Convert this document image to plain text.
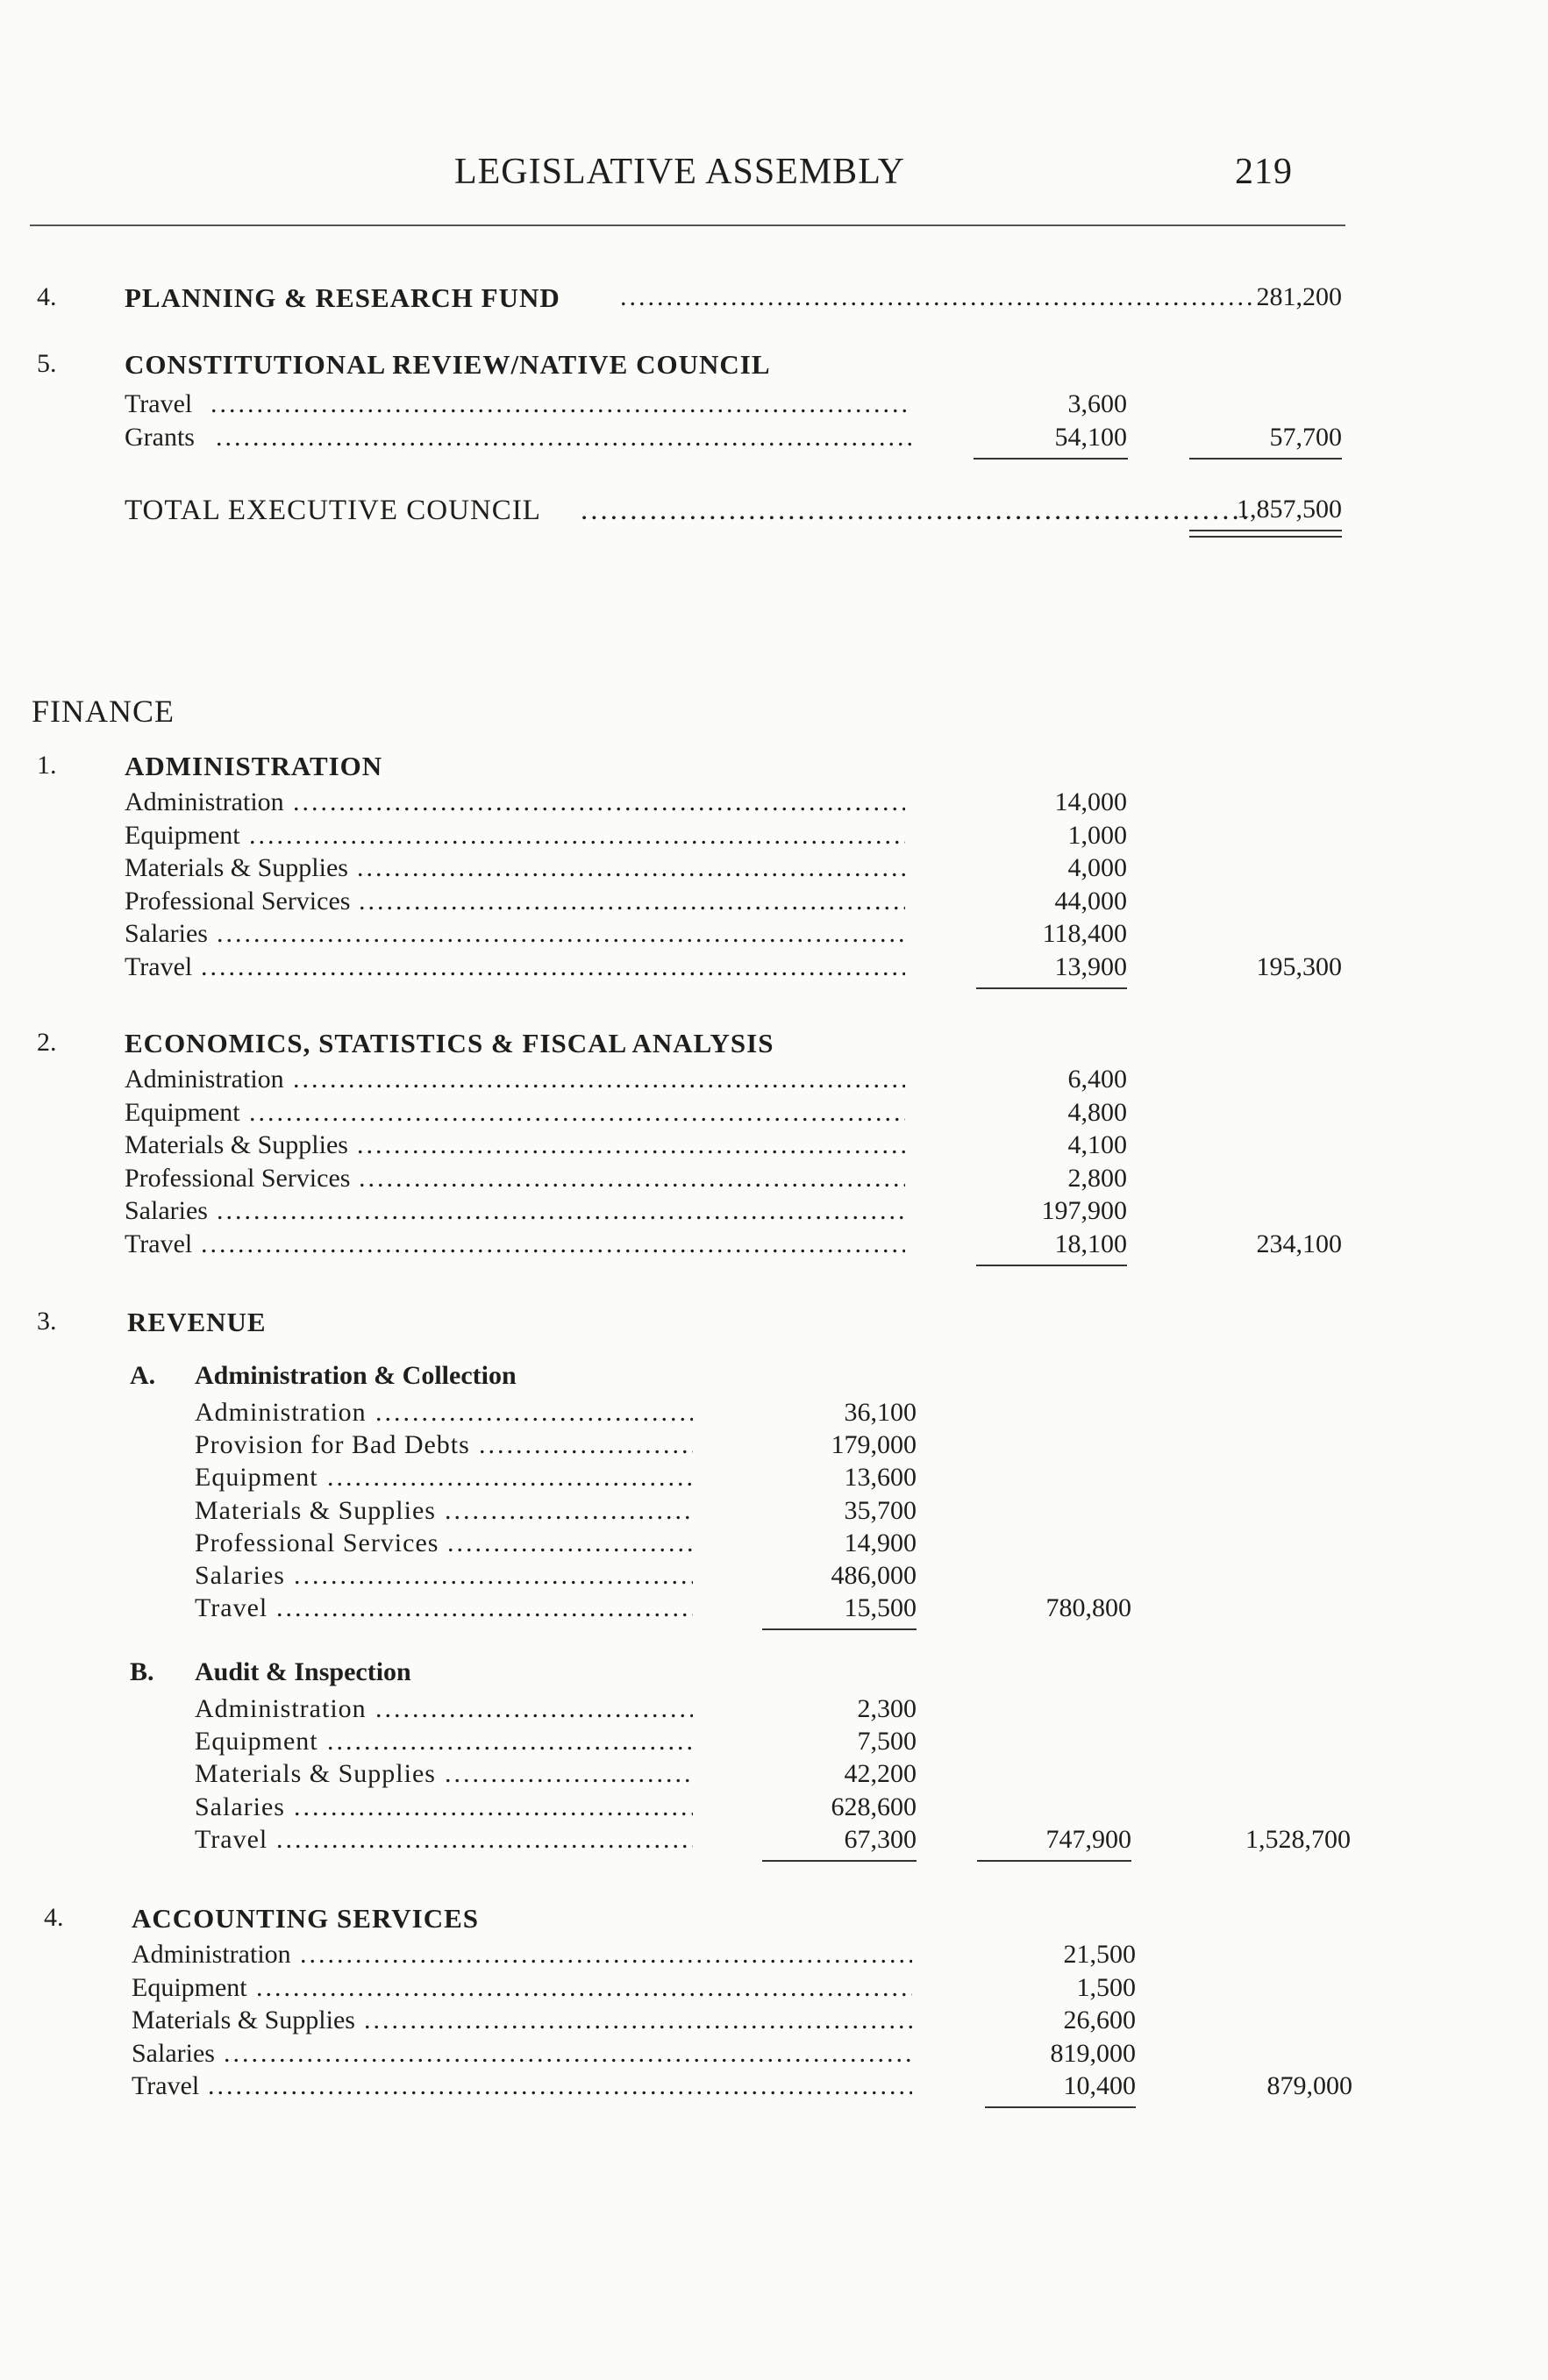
LEGISLATIVE ASSEMBLY	219
4.	PLANNING & RESEARCH FUND .....	281,200
5.	CONSTITUTIONAL REVIEW/NATIVE COUNCIL
Travel .....	3,600
Grants .....	54,100	57,700
TOTAL EXECUTIVE COUNCIL .....	1,857,500
FINANCE
1.	ADMINISTRATION
Administration .....	14,000
Equipment .....	1,000
Materials & Supplies .....	4,000
Professional Services .....	44,000
Salaries .....	118,400
Travel .....	13,900	195,300
2.	ECONOMICS, STATISTICS & FISCAL ANALYSIS
Administration .....	6,400
Equipment .....	4,800
Materials & Supplies .....	4,100
Professional Services .....	2,800
Salaries .....	197,900
Travel .....	18,100	234,100
3.	REVENUE
A. Administration & Collection
Administration .....	36,100
Provision for Bad Debts .....	179,000
Equipment .....	13,600
Materials & Supplies .....	35,700
Professional Services .....	14,900
Salaries .....	486,000
Travel .....	15,500	780,800
B. Audit & Inspection
Administration .....	2,300
Equipment .....	7,500
Materials & Supplies .....	42,200
Salaries .....	628,600
Travel .....	67,300	747,900	1,528,700
4.	ACCOUNTING SERVICES
Administration .....	21,500
Equipment .....	1,500
Materials & Supplies .....	26,600
Salaries .....	819,000
Travel .....	10,400	879,000
